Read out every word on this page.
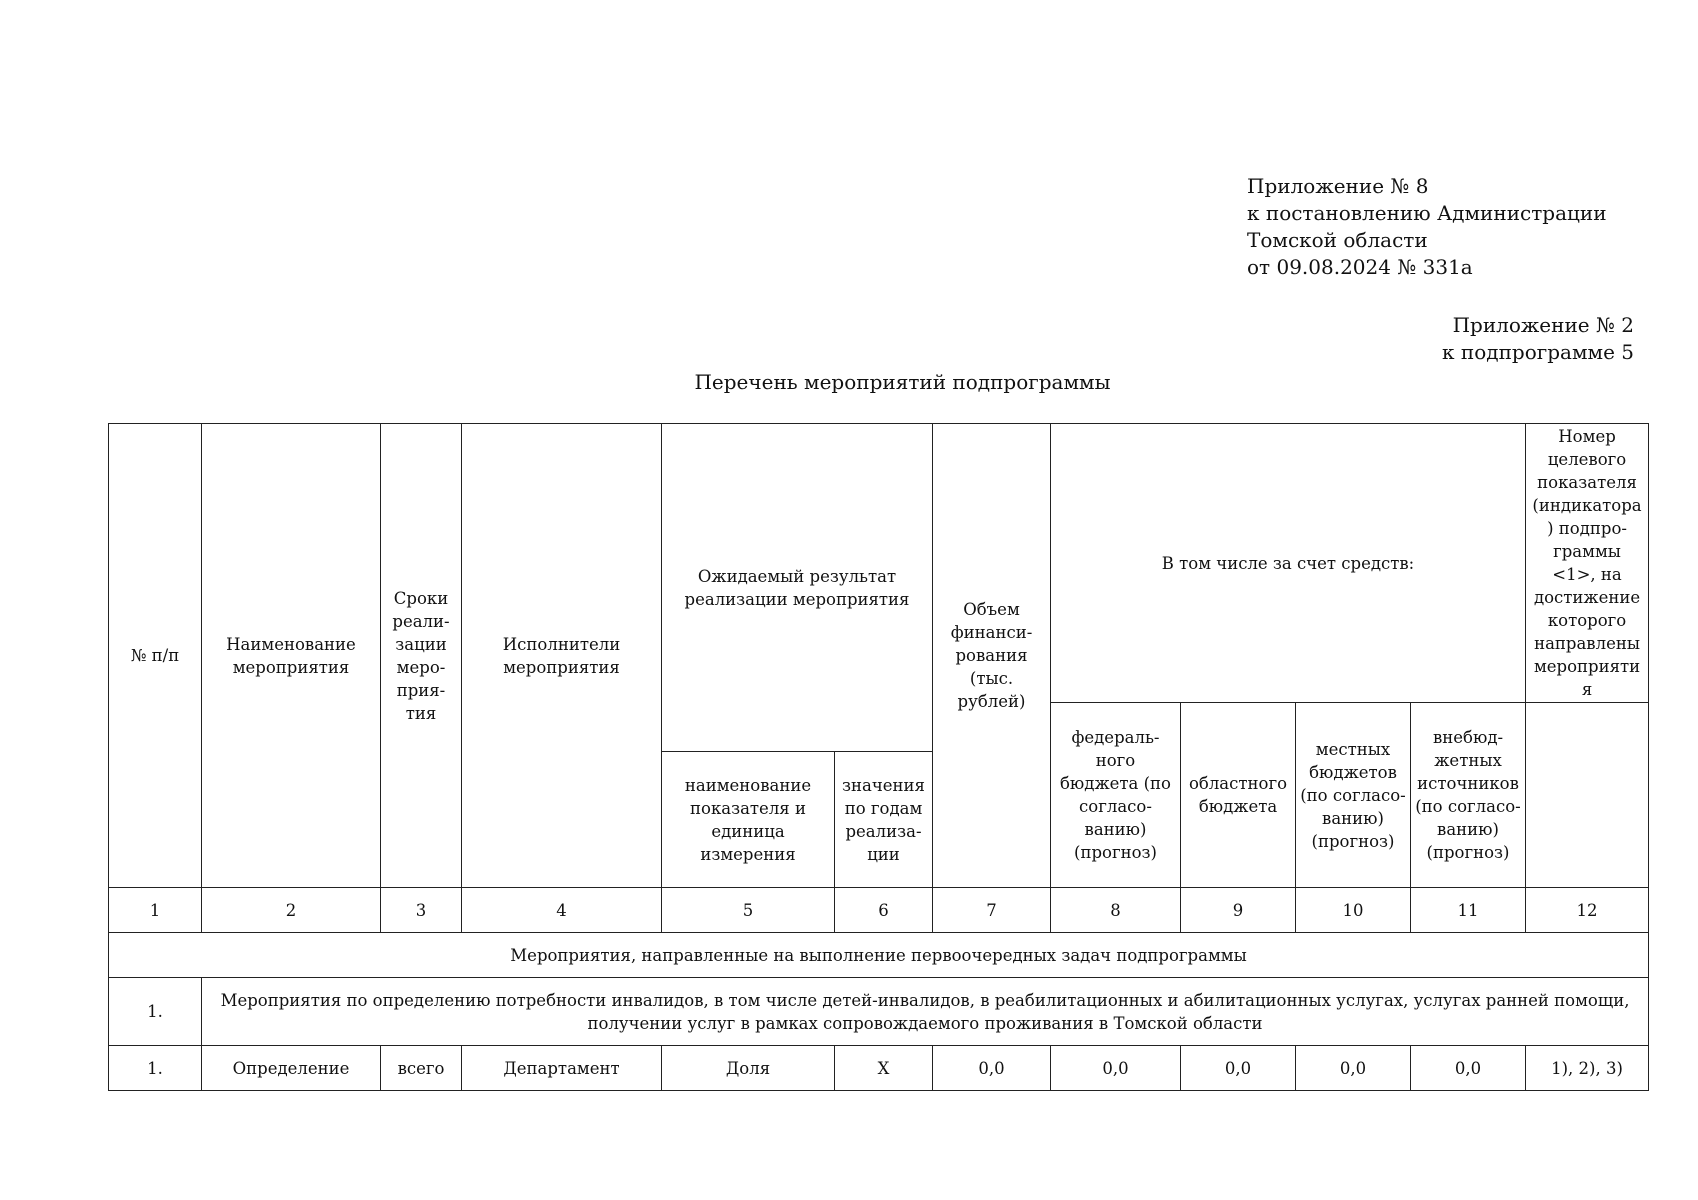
Приложение № 8
к постановлению Администрации
Томской области
от 09.08.2024 № 331а
Приложение № 2
к подпрограмме 5
Перечень мероприятий подпрограммы
№ п/п	Наименование мероприятия	Сроки реали-зации меро-прия-тия	Исполнители мероприятия	Ожидаемый результат реализации мероприятия		Объем финанси-рования (тыс. рублей)	В том числе за счет средств:				Номер целевого показателя (индикатора) подпро-граммы <1>, на достижение которого направлены мероприятия
							федераль-ного бюджета (по согласо-ванию) (прогноз)	областного бюджета	местных бюджетов (по согласо-ванию) (прогноз)	внебюд-жетных источников (по согласо-ванию) (прогноз)	
				наименование показателя и единица измерения	значения по годам реализа-ции						
1	2	3	4	5	6	7	8	9	10	11	12
Мероприятия, направленные на выполнение первоочередных задач подпрограммы											
1.	Мероприятия по определению потребности инвалидов, в том числе детей-инвалидов, в реабилитационных и абилитационных услугах, услугах ранней помощи, получении услуг в рамках сопровождаемого проживания в Томской области										
1.	Определение	всего	Департамент	Доля	Х	0,0	0,0	0,0	0,0	0,0	1), 2), 3)
